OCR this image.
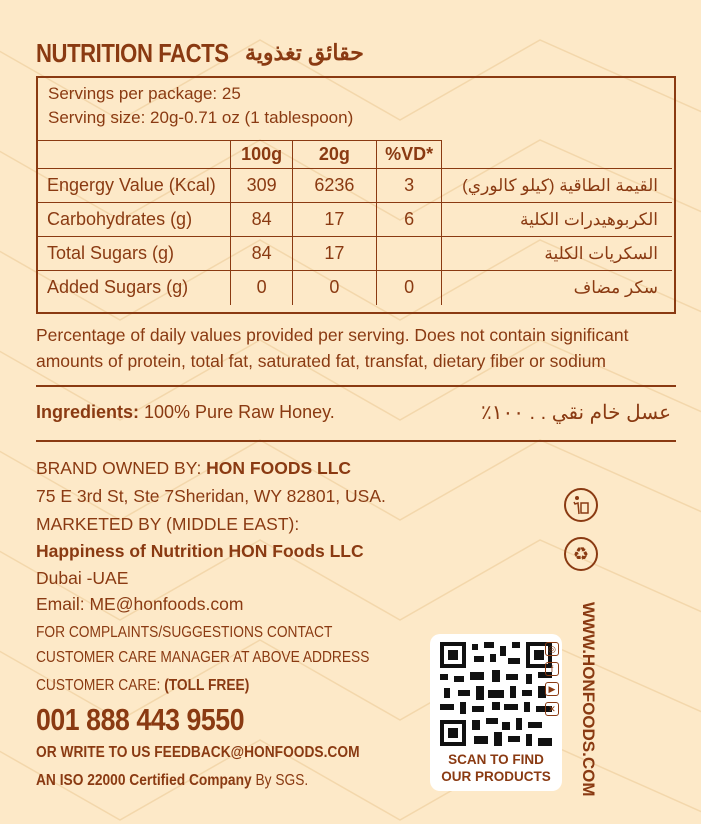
NUTRITION FACTS حقائق تغذوية
Servings per package: 25
Serving size: 20g-0.71 oz (1 tablespoon)
	100g	20g	%VD*	
Engergy Value (Kcal)	309	6236	3	القيمة الطاقية (كيلو كالوري)
Carbohydrates (g)	84	17	6	الكربوهيدرات الكلية
Total Sugars (g)	84	17		السكريات الكلية
Added Sugars (g)	0	0	0	سكر مضاف
Percentage of daily values provided per serving. Does not contain significant
amounts of protein, total fat, saturated fat, transfat, dietary fiber or sodium
Ingredients: 100% Pure Raw Honey.	عسل خام نقي . . ١٠٠٪
BRAND OWNED BY: HON FOODS LLC
75 E 3rd St, Ste 7Sheridan, WY 82801, USA.
MARKETED BY (MIDDLE EAST):
Happiness of Nutrition HON Foods LLC
Dubai -UAE
Email: ME@honfoods.com
FOR COMPLAINTS/SUGGESTIONS CONTACT
CUSTOMER CARE MANAGER AT ABOVE ADDRESS
CUSTOMER CARE: (TOLL FREE)
001 888 443 9550
OR WRITE TO US FEEDBACK@HONFOODS.COM
AN ISO 22000 Certified Company By SGS.
♻
SCAN TO FIND
OUR PRODUCTS
◎
f
▶
✕ WWW.HONFOODS.COM
